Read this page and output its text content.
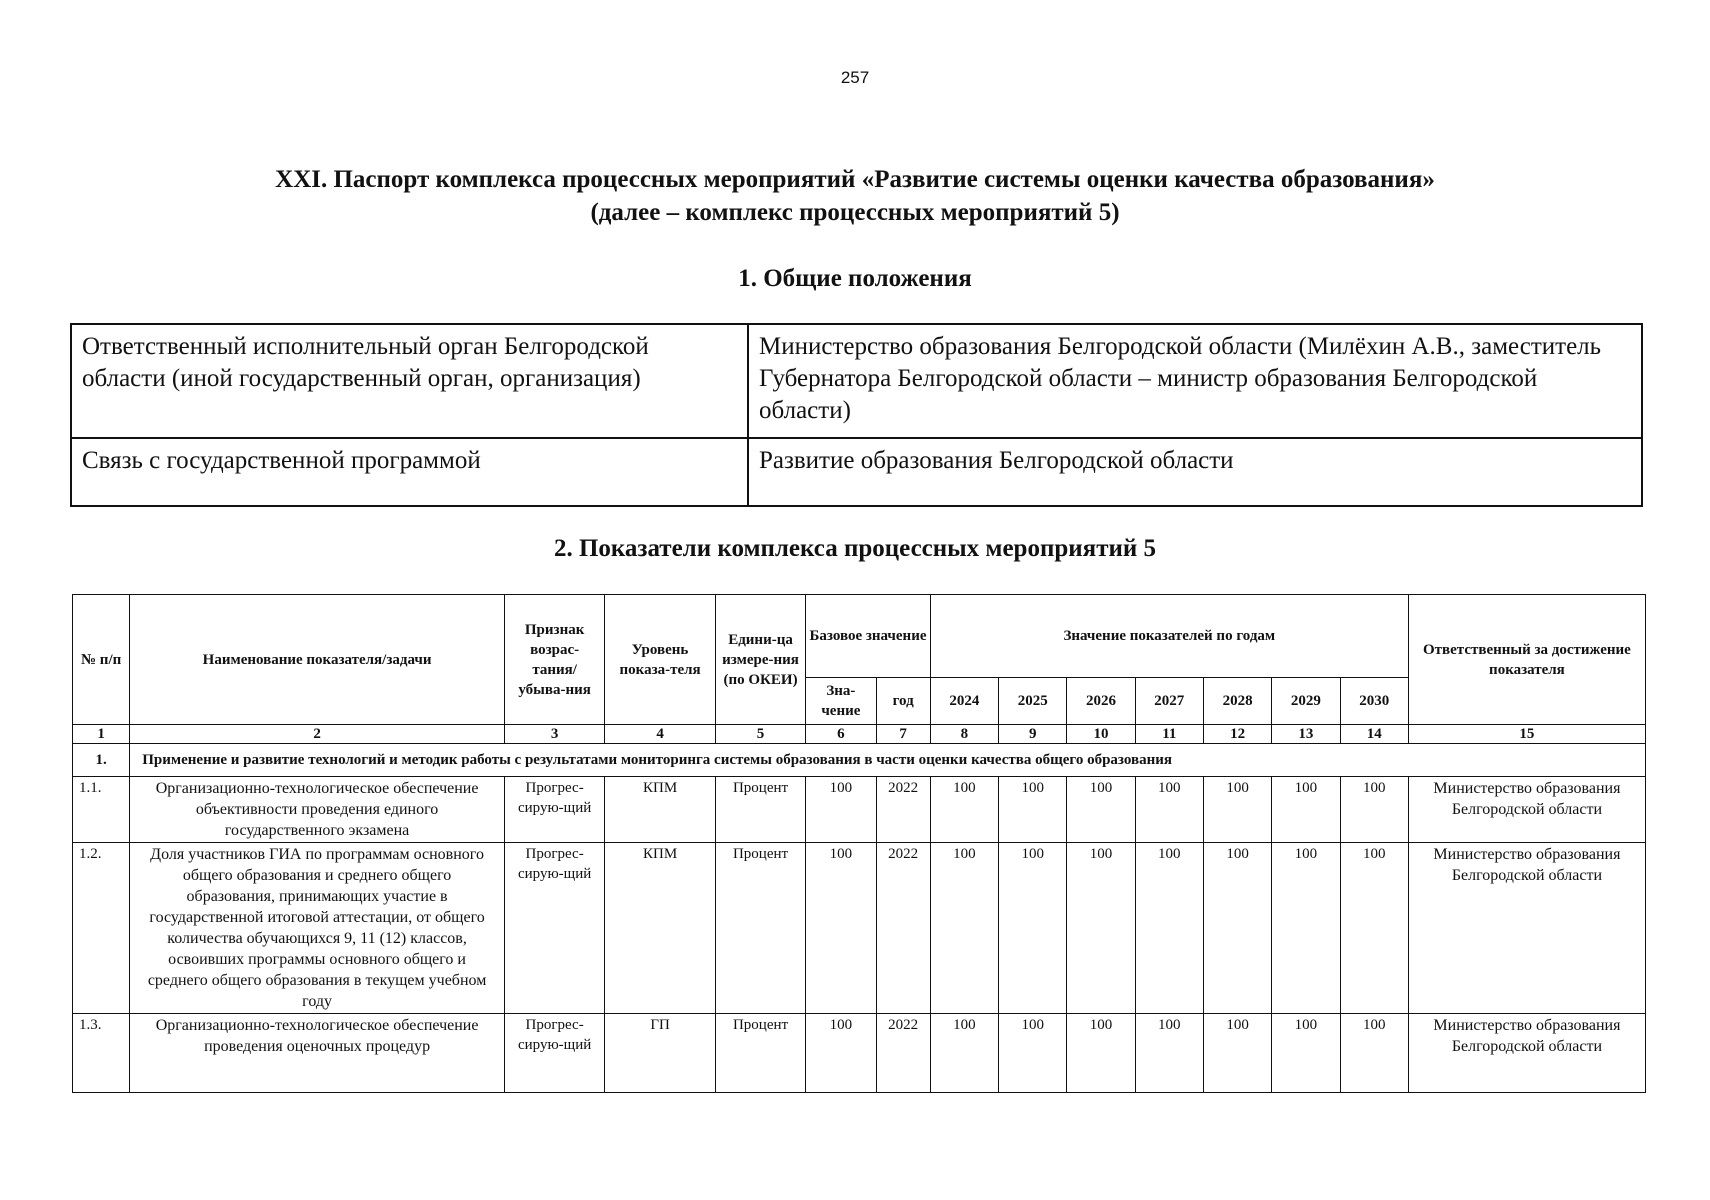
257
XXI. Паспорт комплекса процессных мероприятий «Развитие системы оценки качества образования»
(далее – комплекс процессных мероприятий 5)
1. Общие положения
Ответственный исполнительный орган Белгородской области (иной государственный орган, организация)	Министерство образования Белгородской области (Милёхин А.В., заместитель Губернатора Белгородской области – министр образования Белгородской области)
Связь с государственной программой	Развитие образования Белгородской области
2. Показатели комплекса процессных мероприятий 5
№ п/п	Наименование показателя/задачи	Признак возрас-тания/ убыва-ния	Уровень показа-теля	Едини-ца измере-ния (по ОКЕИ)	Базовое значение		Значение показателей по годам							Ответственный за достижение показателя
					Зна-чение	год	2024	2025	2026	2027	2028	2029	2030	
1	2	3	4	5	6	7	8	9	10	11	12	13	14	15
1.	Применение и развитие технологий и методик работы с результатами мониторинга системы образования в части оценки качества общего образования													
1.1.	Организационно-технологическое обеспечение объективности проведения единого государственного экзамена	Прогрес-сирую-щий	КПМ	Процент	100	2022	100	100	100	100	100	100	100	Министерство образования Белгородской области
1.2.	Доля участников ГИА по программам основного общего образования и среднего общего образования, принимающих участие в государственной итоговой аттестации, от общего количества обучающихся 9, 11 (12) классов, освоивших программы основного общего и среднего общего образования в текущем учебном году	Прогрес-сирую-щий	КПМ	Процент	100	2022	100	100	100	100	100	100	100	Министерство образования Белгородской области
1.3.	Организационно-технологическое обеспечение проведения оценочных процедур	Прогрес-сирую-щий	ГП	Процент	100	2022	100	100	100	100	100	100	100	Министерство образования Белгородской области
